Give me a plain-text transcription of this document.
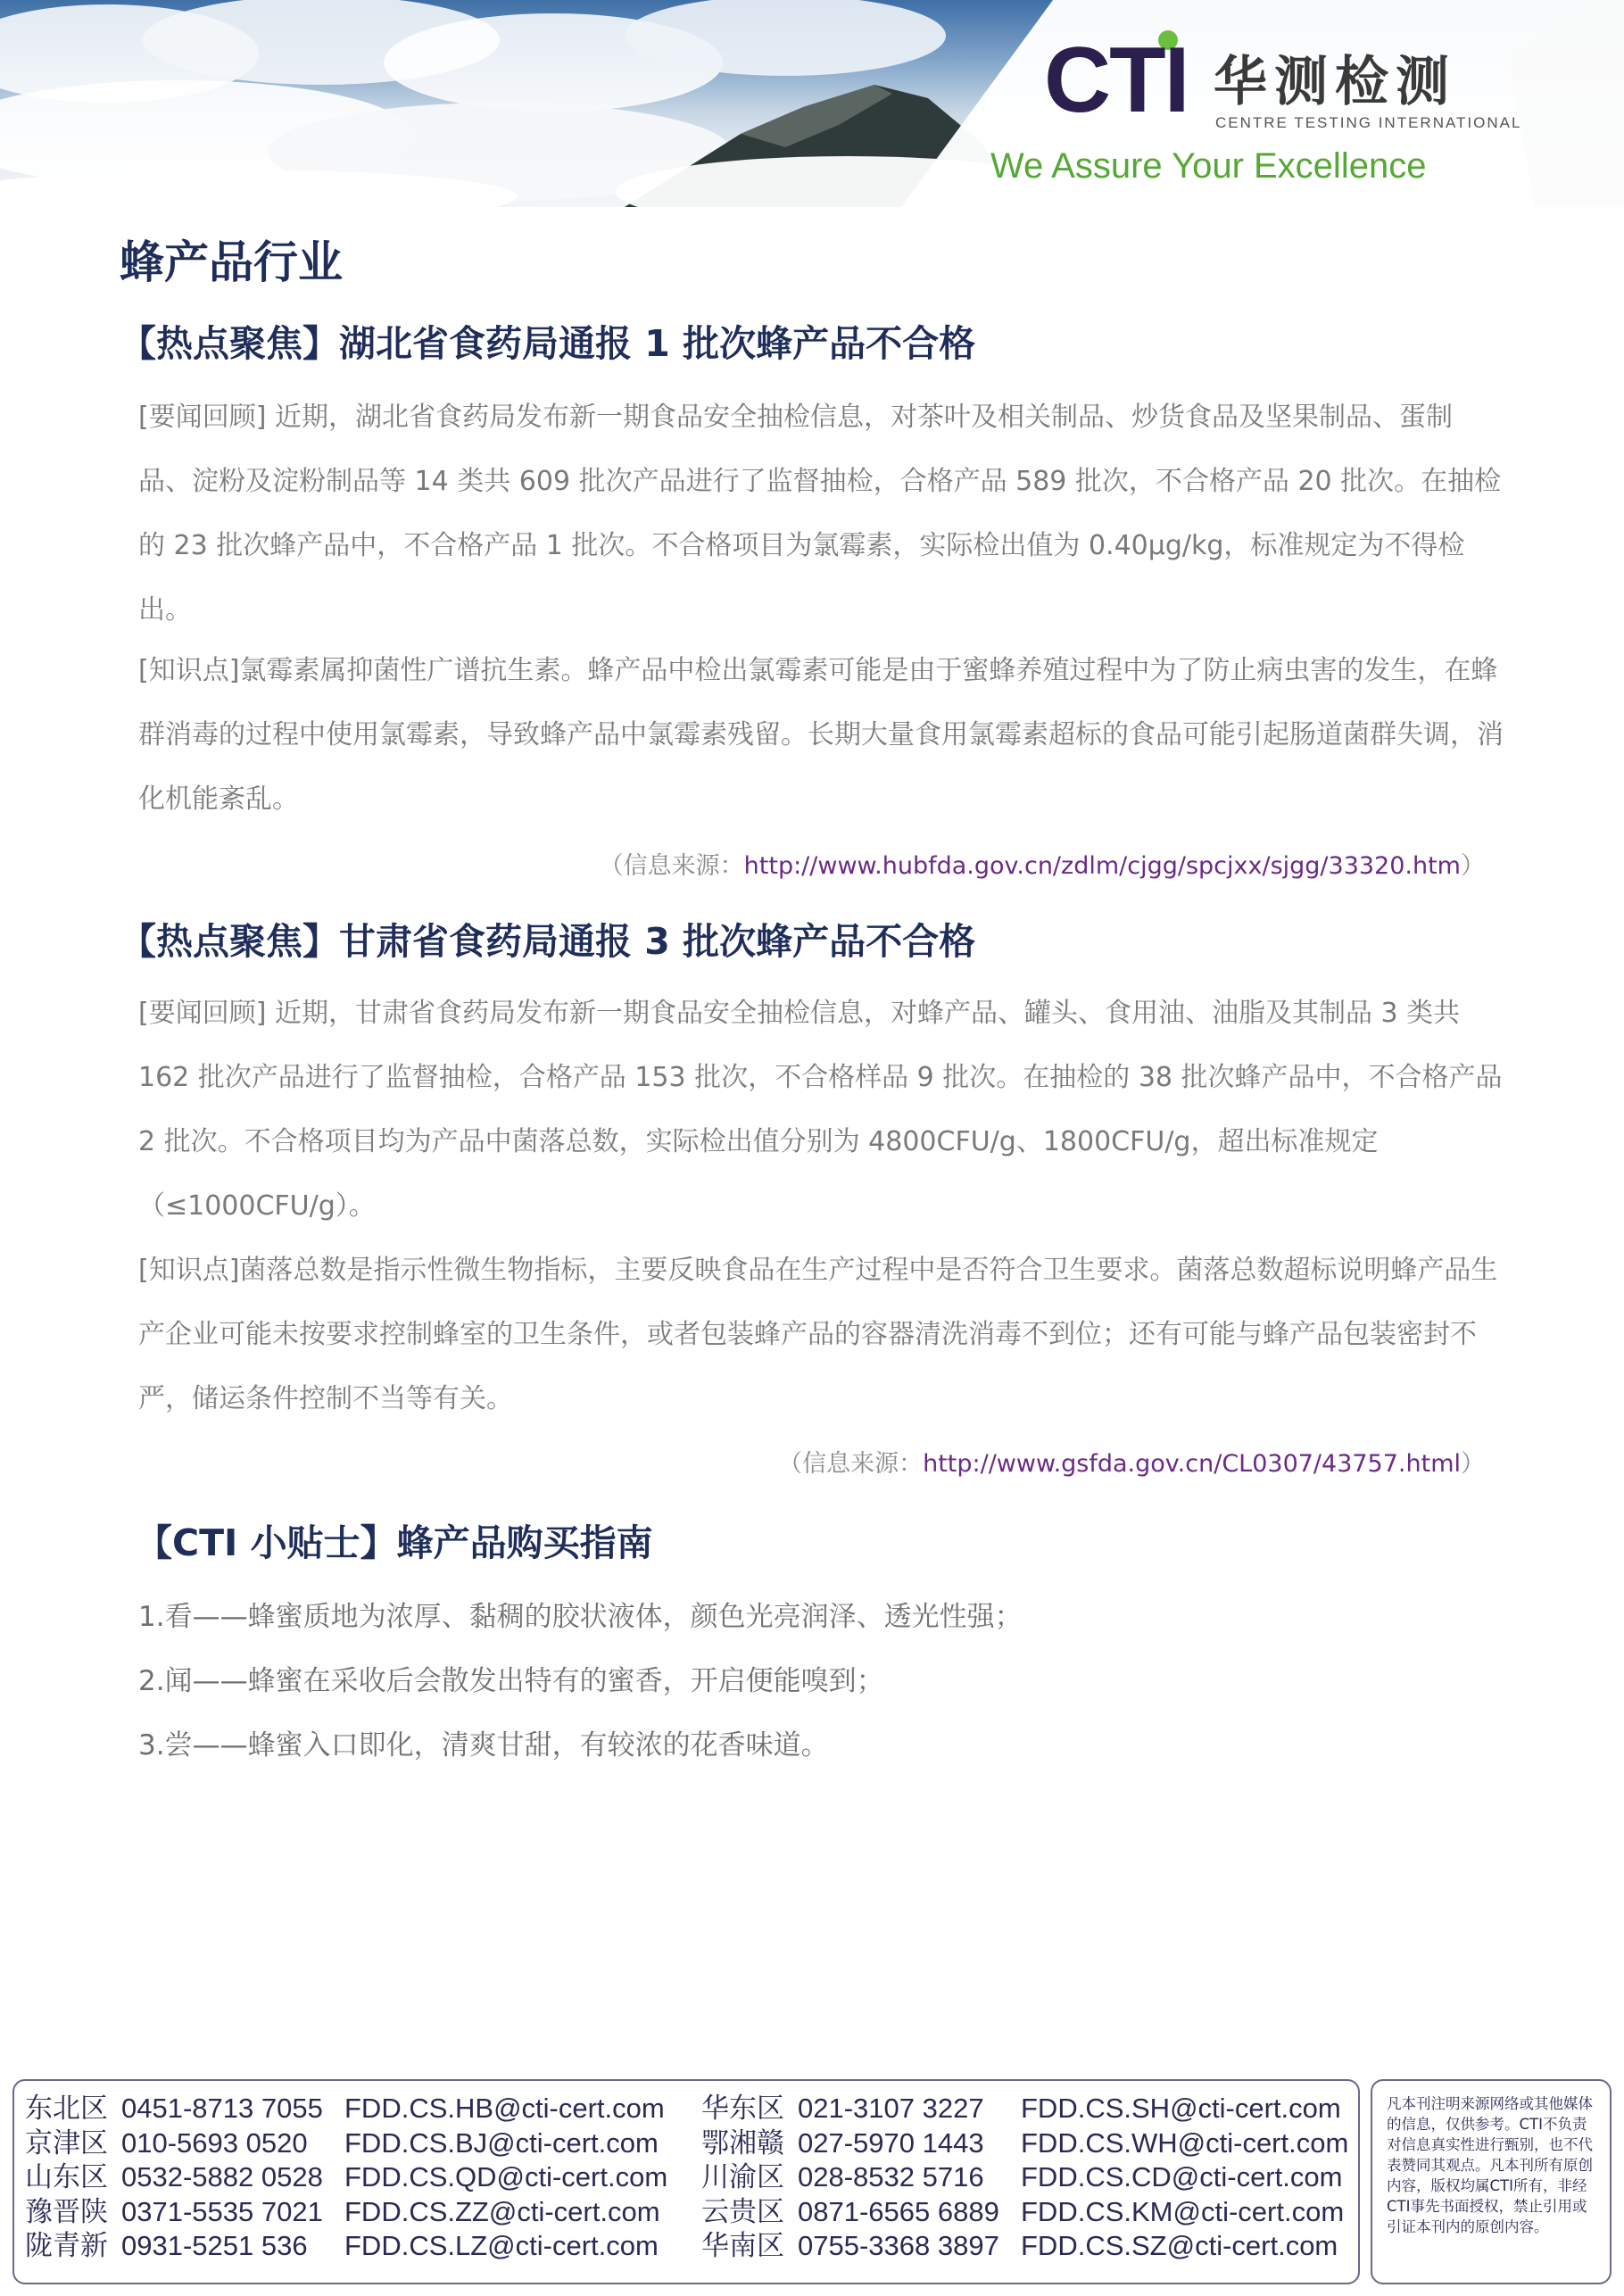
CTI 华测检测
CENTRE TESTING INTERNATIONAL
We Assure Your Excellence
蜂产品行业
【热点聚焦】湖北省食药局通报 1 批次蜂产品不合格
[要闻回顾] 近期，湖北省食药局发布新一期食品安全抽检信息，对茶叶及相关制品、炒货食品及坚果制品、蛋制品、淀粉及淀粉制品等 14 类共 609 批次产品进行了监督抽检，合格产品 589 批次，不合格产品 20 批次。在抽检的 23 批次蜂产品中，不合格产品 1 批次。不合格项目为氯霉素，实际检出值为 0.40μg/kg，标准规定为不得检出。
[知识点]氯霉素属抑菌性广谱抗生素。蜂产品中检出氯霉素可能是由于蜜蜂养殖过程中为了防止病虫害的发生，在蜂群消毒的过程中使用氯霉素，导致蜂产品中氯霉素残留。长期大量食用氯霉素超标的食品可能引起肠道菌群失调，消化机能紊乱。
（信息来源：http://www.hubfda.gov.cn/zdlm/cjgg/spcjxx/sjgg/33320.htm）
【热点聚焦】甘肃省食药局通报 3 批次蜂产品不合格
[要闻回顾] 近期，甘肃省食药局发布新一期食品安全抽检信息，对蜂产品、罐头、食用油、油脂及其制品 3 类共 162 批次产品进行了监督抽检，合格产品 153 批次，不合格样品 9 批次。在抽检的 38 批次蜂产品中，不合格产品 2 批次。不合格项目均为产品中菌落总数，实际检出值分别为 4800CFU/g、1800CFU/g，超出标准规定（≤1000CFU/g）。
[知识点]菌落总数是指示性微生物指标，主要反映食品在生产过程中是否符合卫生要求。菌落总数超标说明蜂产品生产企业可能未按要求控制蜂室的卫生条件，或者包装蜂产品的容器清洗消毒不到位；还有可能与蜂产品包装密封不严，储运条件控制不当等有关。
（信息来源：http://www.gsfda.gov.cn/CL0307/43757.html）
【CTI 小贴士】蜂产品购买指南
1.看——蜂蜜质地为浓厚、黏稠的胶状液体，颜色光亮润泽、透光性强；
2.闻——蜂蜜在采收后会散发出特有的蜜香，开启便能嗅到；
3.尝——蜂蜜入口即化，清爽甘甜，有较浓的花香味道。
东北区 0451-8713 7055 FDD.CS.HB@cti-cert.com
京津区010-5693 0520 FDD.CS.BJ@cti-cert.com
山东区 0532-5882 0528 FDD.CS.QD@cti-cert.com
豫晋陕 0371-5535 7021 FDD.CS.ZZ@cti-cert.com
陇青新 0931-5251 536 FDD.CS.LZ@cti-cert.com
华东区021-3107 3227 FDD.CS.SH@cti-cert.com
鄂湘赣027-5970 1443 FDD.CS.WH@cti-cert.com
川渝区028-8532 5716 FDD.CS.CD@cti-cert.com
云贵区 0871-6565 6889 FDD.CS.KM@cti-cert.com
华南区 0755-3368 3897 FDD.CS.SZ@cti-cert.com
凡本刊注明来源网络或其他媒体的信息，仅供参考。CTI不负责对信息真实性进行甄别，也不代表赞同其观点。凡本刊所有原创内容，版权均属CTI所有，非经 CTI事先书面授权，禁止引用或引证本刊内的原创内容。
